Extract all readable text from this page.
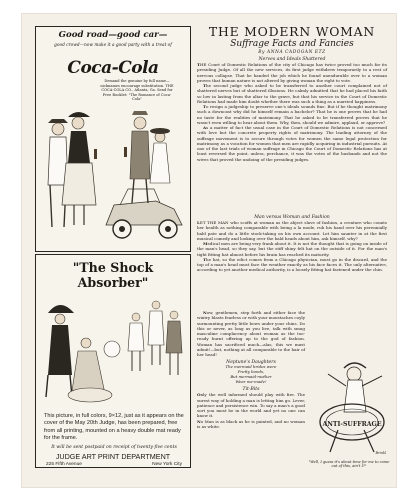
Good road—good car—
good crowd—now make it a good party with a treat of
Coca-Cola
Demand the genuine by full name—nicknames encourage substitution. THE COCA-COLA CO., Atlanta, Ga. Send for Free Booklet: "The Romance of Coca-Cola"
"The Shock Absorber"
This picture, in full colors, 9×12, just as it appears on the cover of the May 20th Judge, has been prepared, free from all printing, mounted on a heavy double mat ready for the frame.
It will be sent postpaid on receipt of twenty-five cents
JUDGE ART PRINT DEPARTMENT
225 Fifth Avenue	New York City
THE MODERN WOMAN
Suffrage Facts and Fancies
By ANNA CADOGAN ETZ
Nerves and Ideals Shattered

THE Court of Domestic Relations of the city of Chicago has twice proved too much for its presiding Judge. Of all the new services, its first judge withdrew temporarily to a rest of nervous collapse. That he handed the job which he found unendurable over to a woman proves that human nature is not altered by giving woman the right to vote.

The second judge who asked to be transferred to another court complained not of shattered nerves but of shattered illusions. He calmly admitted that he had placed his faith so low in lasting from the altar to the grave, but that his service in the Court of Domestic Relations had made him doubt whether there was such a thing as a married happiness.

To resign a judgeship to preserve one's ideals sounds fine. But if he thought matrimony such a downcast why did he himself remain a bachelor? That he is one proves that he had no taste for the realities of matrimony. That he asked to be transferred proves that he wasn't even willing to hear about them. Why, then, should we admire, applaud, or approve?

As a matter of fact the usual case in the Court of Domestic Relations is not concerned with love but the concrete property rights of matrimony. The leading attorney of the suffrage movement is to secure through votes for women the same legal protection for matrimony as a vocation for women that men are rapidly acquiring in industrial pursuits. At one of the last trials of woman suffrage in Chicago the Court of Domestic Relations has at least reversed the point, unless, perchance, it was the votes of the husbands and not the wives that proved the undoing of the presiding judges.

Man versus Woman and Fashion

LET THE MAN who scoffs at woman as the abject slave of fashion, a creature who counts her health as nothing comparable with being a la mode, rub his hand over his perennially bald pate and do a little stock-taking on his own account. Let him saunter in at the first musical comedy and looking over the bald heads about him, ask himself, why?

Medical men are being very frank about it. It is not the thought that is going on inside of the man's head, so they say, but the stiff shiny felt hat on the outside of it. For the man's tight fitting hat almost before his brain has reached its maturity.

The hat, so the edict comes from a Chicago physician, must go in the discard, and the top of a man's head must face the weather exactly as his face faces it. The only alternative, according to yet another medical authority, is a loosely fitting hat fastened under the chin.

Now, gentlemen, step forth and either face the wintry blasts fearless or with your moustaches coyly surmounting pretty little bows under your chins. Do this or never, as long as you live, talk with smug masculine complacency about woman as the too-ready burnt offering up to the god of fashion. Woman has sacrificed much—alas, this we must admit!—but, nothing at all comparable to the hair of her head!

Neptune's Daughters
The mermaid brides were
Pretty bonds,
But mermaid-mother
Wear me-made!
Tit-Bits

Only the well informed should play with fire. The surest way of holding a man is letting him go. Lever, patience and persistence win. To say a man's a good sort you must be in the world and yet no one can know it.

No Man is as black as he is painted, and no woman is as white.	ANTI-SUFFRAGE
Brinkl
"Well, I guess it's about time for me to come out of this, ain't I?"
